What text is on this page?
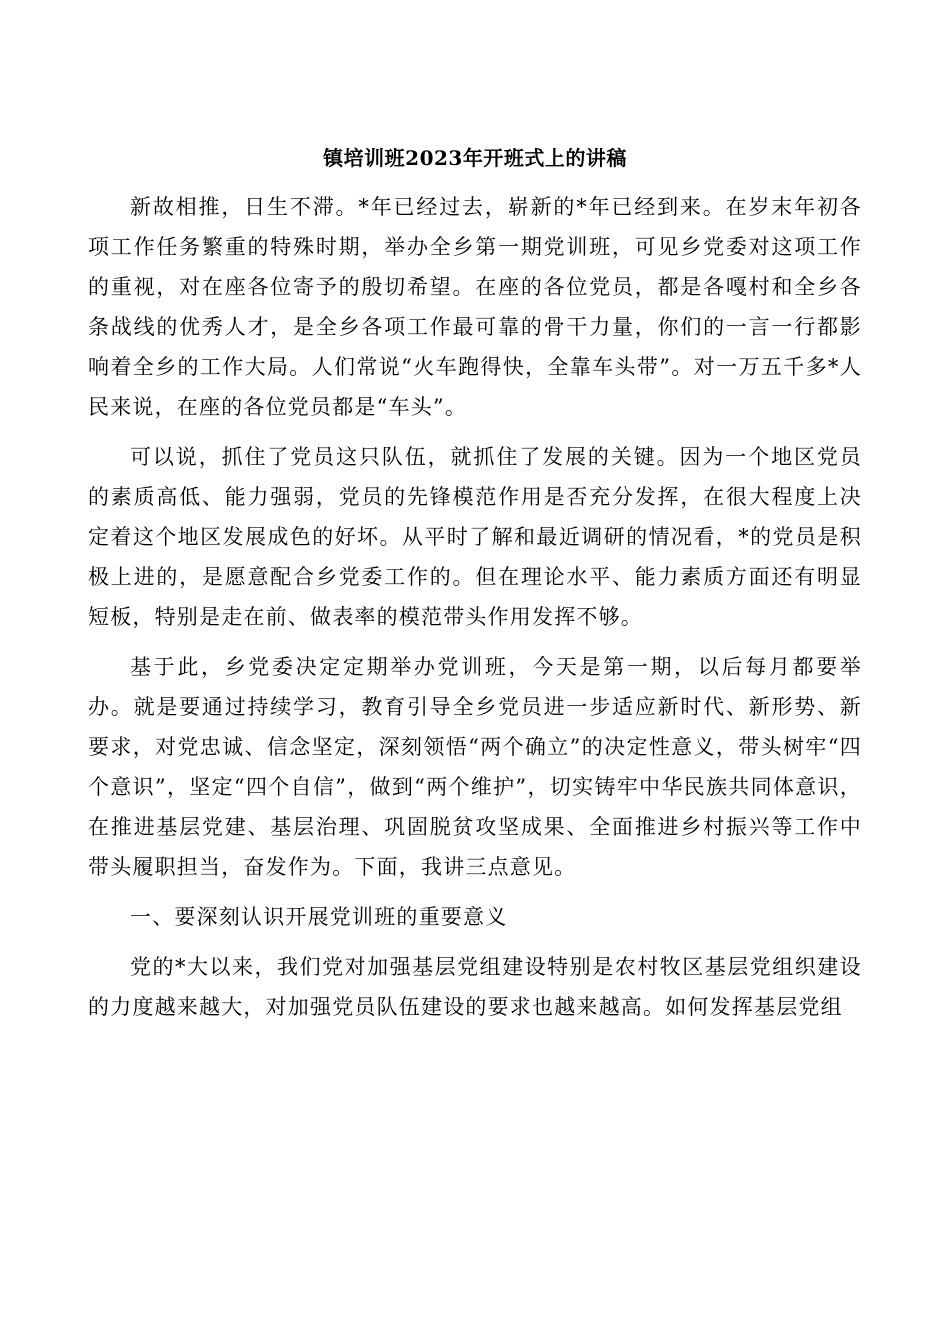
镇培训班2023年开班式上的讲稿

新故相推，日生不滞。*年已经过去，崭新的*年已经到来。在岁末年初各项工作任务繁重的特殊时期，举办全乡第一期党训班，可见乡党委对这项工作的重视，对在座各位寄予的殷切希望。在座的各位党员，都是各嘎村和全乡各条战线的优秀人才，是全乡各项工作最可靠的骨干力量，你们的一言一行都影响着全乡的工作大局。人们常说“火车跑得快，全靠车头带”。对一万五千多*人民来说，在座的各位党员都是“车头”。

可以说，抓住了党员这只队伍，就抓住了发展的关键。因为一个地区党员的素质高低、能力强弱，党员的先锋模范作用是否充分发挥，在很大程度上决定着这个地区发展成色的好坏。从平时了解和最近调研的情况看，*的党员是积极上进的，是愿意配合乡党委工作的。但在理论水平、能力素质方面还有明显短板，特别是走在前、做表率的模范带头作用发挥不够。

基于此，乡党委决定定期举办党训班，今天是第一期，以后每月都要举办。就是要通过持续学习，教育引导全乡党员进一步适应新时代、新形势、新要求，对党忠诚、信念坚定，深刻领悟“两个确立”的决定性意义，带头树牢“四个意识”，坚定“四个自信”，做到“两个维护”，切实铸牢中华民族共同体意识，在推进基层党建、基层治理、巩固脱贫攻坚成果、全面推进乡村振兴等工作中带头履职担当，奋发作为。下面，我讲三点意见。

一、要深刻认识开展党训班的重要意义

党的*大以来，我们党对加强基层党组建设特别是农村牧区基层党组织建设的力度越来越大，对加强党员队伍建设的要求也越来越高。如何发挥基层党组
